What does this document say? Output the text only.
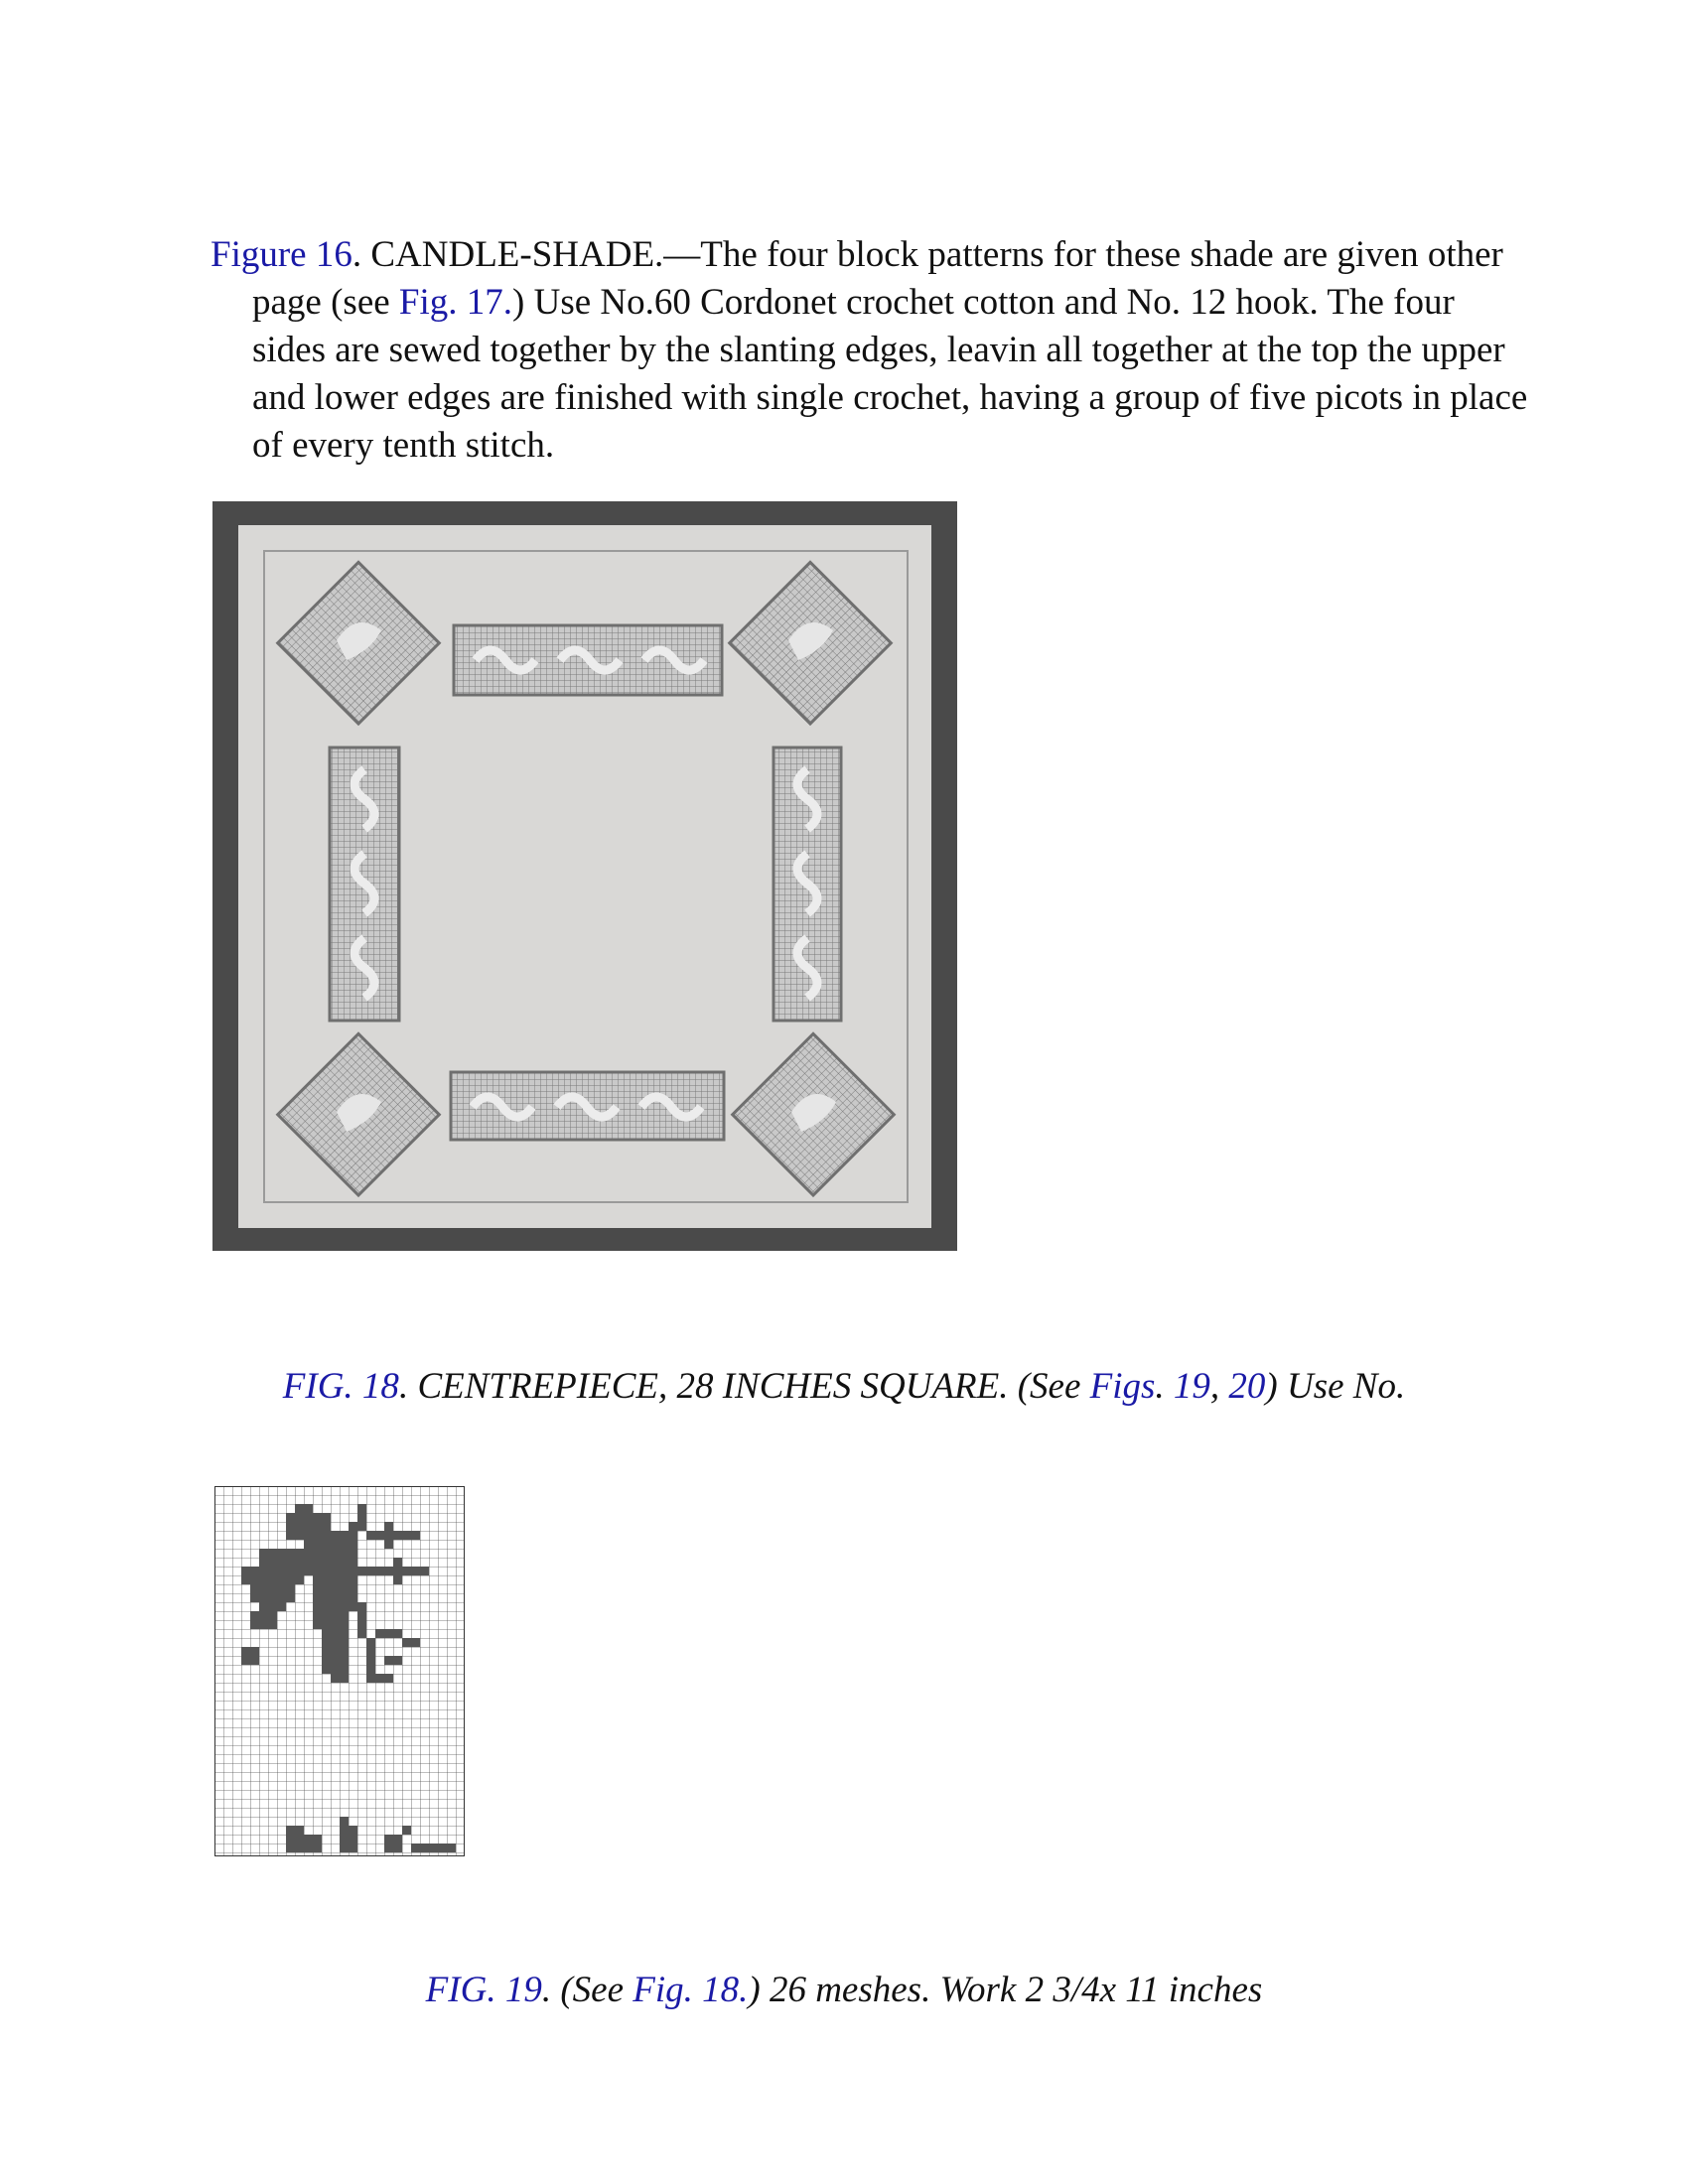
Figure 16. CANDLE-SHADE.—The four block patterns for these shade are given other page (see Fig. 17.) Use No.60 Cordonet crochet cotton and No. 12 hook. The four sides are sewed together by the slanting edges, leavin all together at the top the upper and lower edges are finished with single crochet, having a group of five picots in place of every tenth stitch.

FIG. 18. CENTREPIECE, 28 INCHES SQUARE. (See Figs. 19, 20) Use No.

FIG. 19. (See Fig. 18.) 26 meshes. Work 2 3/4x 11 inches
